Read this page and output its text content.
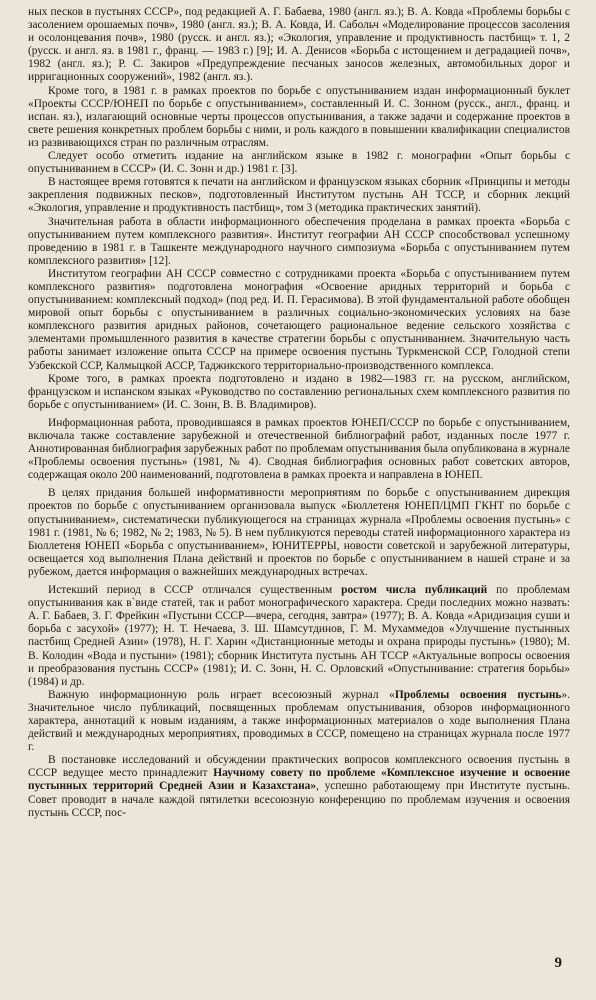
ных песков в пустынях СССР», под редакцией А. Г. Бабаева, 1980 (англ. яз.); В. А. Ковда «Проблемы борьбы с засолением орошаемых почв», 1980 (англ. яз.); В. А. Ковда, И. Сабольч «Моделирование процессов засоления и осолонцевания почв», 1980 (русск. и англ. яз.); «Экология, управление и продуктивность пастбищ» т. 1, 2 (русск. и англ. яз. в 1981 г., франц. — 1983 г.) [9]; И. А. Денисов «Борьба с истощением и деградацией почв», 1982 (англ. яз.); Р. С. Закиров «Предупреждение песчаных заносов железных, автомобильных дорог и ирригационных сооружений», 1982 (англ. яз.).

Кроме того, в 1981 г. в рамках проектов по борьбе с опустыниванием издан информационный буклет «Проекты СССР/ЮНЕП по борьбе с опустыниванием», составленный И. С. Зонном (русск., англ., франц. и испан. яз.), излагающий основные черты процессов опустынивания, а также задачи и содержание проектов в свете решения конкретных проблем борьбы с ними, и роль каждого в повышении квалификации специалистов из развивающихся стран по различным отраслям.

Следует особо отметить издание на английском языке в 1982 г. монографии «Опыт борьбы с опустыниванием в СССР» (И. С. Зонн и др.) 1981 г. [3].

В настоящее время готовятся к печати на английском и французском языках сборник «Принципы и методы закрепления подвижных песков», подготовленный Институтом пустынь АН ТССР, и сборник лекций «Экология, управление и продуктивность пастбищ», том 3 (методика практических занятий).

Значительная работа в области информационного обеспечения проделана в рамках проекта «Борьба с опустыниванием путем комплексного развития». Институт географии АН СССР способствовал успешному проведению в 1981 г. в Ташкенте международного научного симпозиума «Борьба с опустыниванием путем комплексного развития» [12].

Институтом географии АН СССР совместно с сотрудниками проекта «Борьба с опустыниванием путем комплексного развития» подготовлена монография «Освоение аридных территорий и борьба с опустыниванием: комплексный подход» (под ред. И. П. Герасимова). В этой фундаментальной работе обобщен мировой опыт борьбы с опустыниванием в различных социально-экономических условиях на базе комплексного развития аридных районов, сочетающего рациональное ведение сельского хозяйства с элементами промышленного развития в качестве стратегии борьбы с опустыниванием. Значительную часть работы занимает изложение опыта СССР на примере освоения пустынь Туркменской ССР, Голодной степи Узбекской ССР, Калмыцкой АССР, Таджикского территориально-производственного комплекса.

Кроме того, в рамках проекта подготовлено и издано в 1982—1983 гг. на русском, английском, французском и испанском языках «Руководство по составлению региональных схем комплексного развития по борьбе с опустыниванием» (И. С. Зонн, В. В. Владимиров).

Информационная работа, проводившаяся в рамках проектов ЮНЕП/СССР по борьбе с опустыниванием, включала также составление зарубежной и отечественной библиографий работ, изданных после 1977 г. Аннотированная библиография зарубежных работ по проблемам опустынивания была опубликована в журнале «Проблемы освоения пустынь» (1981, № 4). Сводная библиография основных работ советских авторов, содержащая около 200 наименований, подготовлена в рамках проекта и направлена в ЮНЕП.

В целях придания большей информативности мероприятиям по борьбе с опустыниванием дирекция проектов по борьбе с опустыниванием организовала выпуск «Бюллетеня ЮНЕП/ЦМП ГКНТ по борьбе с опустыниванием», систематически публикующегося на страницах журнала «Проблемы освоения пустынь» с 1981 г. (1981, № 6; 1982, № 2; 1983, № 5). В нем публикуются переводы статей информационного характера из Бюллетеня ЮНЕП «Борьба с опустыниванием», ЮНИТЕРРЫ, новости советской и зарубежной литературы, освещается ход выполнения Плана действий и проектов по борьбе с опустыниванием в нашей стране и за рубежом, дается информация о важнейших международных встречах.

Истекший период в СССР отличался существенным ростом числа публикаций по проблемам опустынивания как в`виде статей, так и работ монографического характера. Среди последних можно назвать: А. Г. Бабаев, З. Г. Фрейкин «Пустыни СССР—вчера, сегодня, завтра» (1977); В. А. Ковда «Аридизация суши и борьба с засухой» (1977); Н. Т. Нечаева, З. Ш. Шамсутдинов, Г. М. Мухаммедов «Улучшение пустынных пастбищ Средней Азии» (1978), Н. Г. Харин «Дистанционные методы и охрана природы пустынь» (1980); М. В. Колодин «Вода и пустыни» (1981); сборник Института пустынь АН ТССР «Актуальные вопросы освоения и преобразования пустынь СССР» (1981); И. С. Зонн, Н. С. Орловский «Опустынивание: стратегия борьбы» (1984) и др.

Важную информационную роль играет всесоюзный журнал «Проблемы освоения пустынь». Значительное число публикаций, посвященных проблемам опустынивания, обзоров информационного характера, аннотаций к новым изданиям, а также информационных материалов о ходе выполнения Плана действий и международных мероприятиях, проводимых в СССР, помещено на страницах журнала после 1977 г.

В постановке исследований и обсуждении практических вопросов комплексного освоения пустынь в СССР ведущее место принадлежит Научному совету по проблеме «Комплексное изучение и освоение пустынных территорий Средней Азии и Казахстана», успешно работающему при Институте пустынь. Совет проводит в начале каждой пятилетки всесоюзную конференцию по проблемам изучения и освоения пустынь СССР, пос-

9
